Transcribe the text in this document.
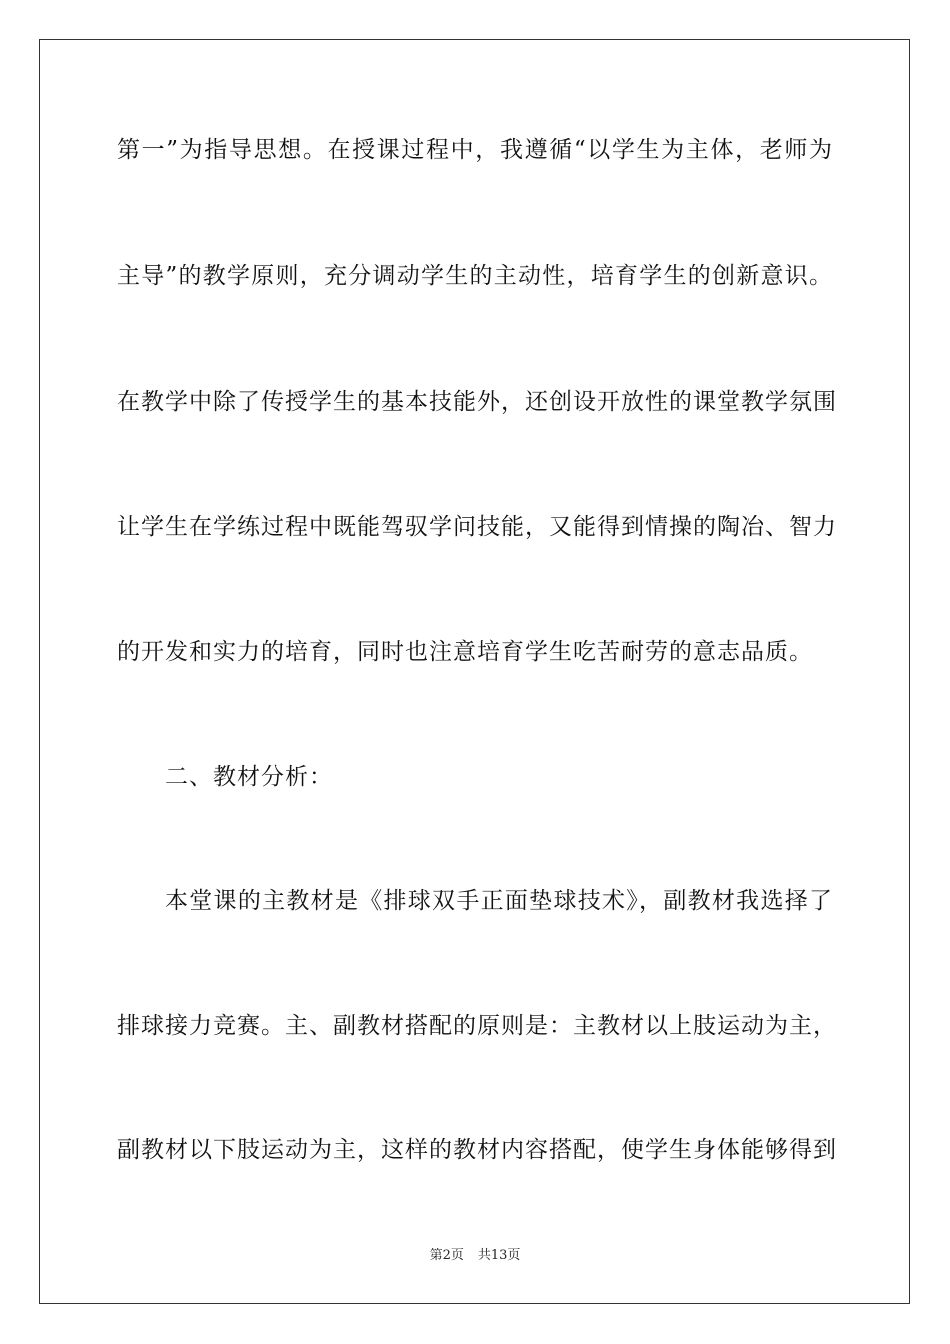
第一”为指导思想。在授课过程中，我遵循“以学生为主体，老师为
主导”的教学原则，充分调动学生的主动性，培育学生的创新意识。
在教学中除了传授学生的基本技能外，还创设开放性的课堂教学氛围
让学生在学练过程中既能驾驭学问技能，又能得到情操的陶冶、智力
的开发和实力的培育，同时也注意培育学生吃苦耐劳的意志品质。
二、教材分析：
本堂课的主教材是《排球双手正面垫球技术》，副教材我选择了
排球接力竞赛。主、副教材搭配的原则是：主教材以上肢运动为主，
副教材以下肢运动为主，这样的教材内容搭配，使学生身体能够得到
第2页 共13页
